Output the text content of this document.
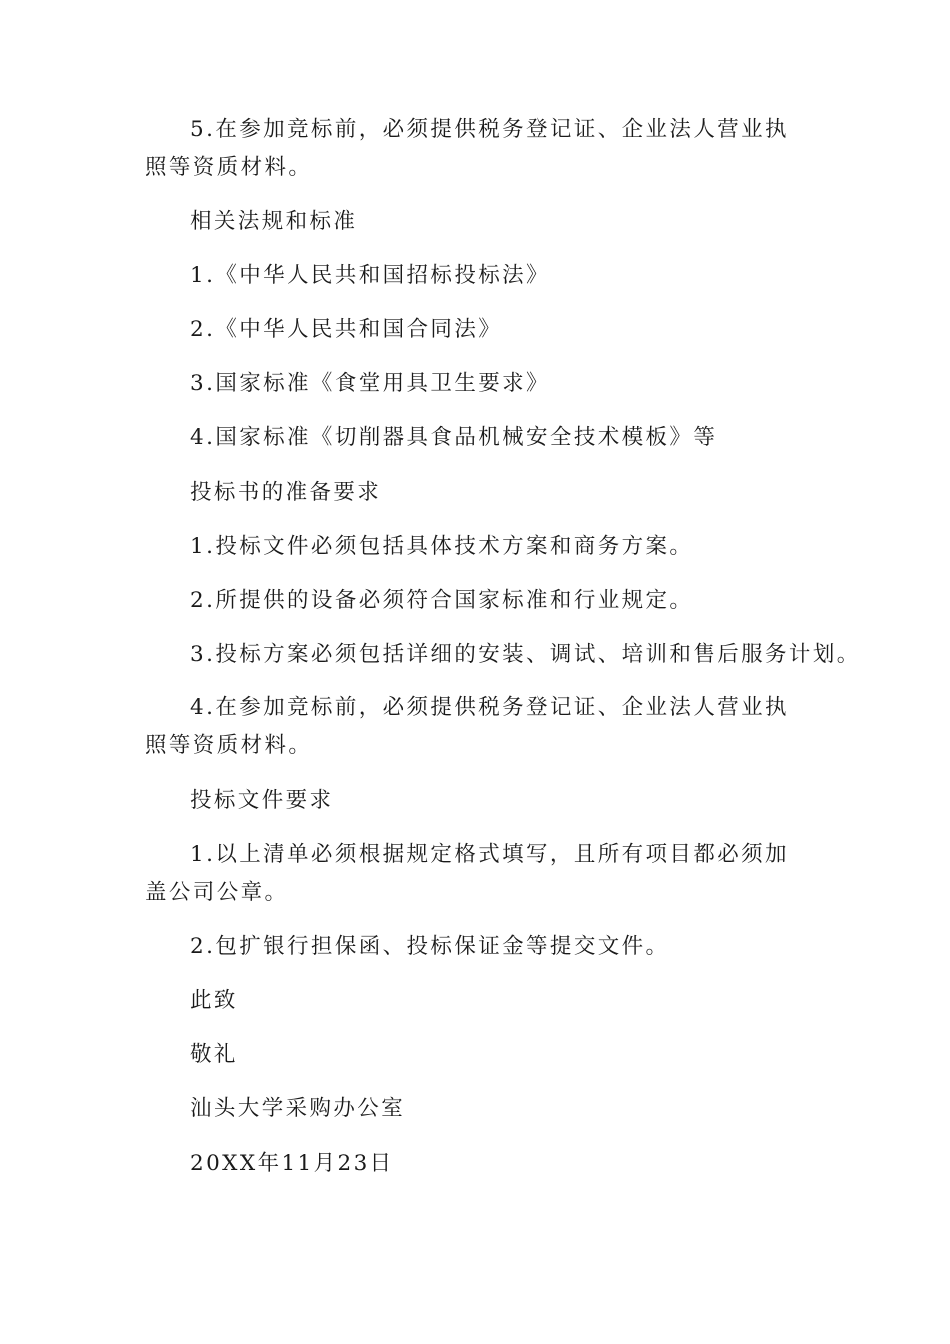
5.在参加竞标前，必须提供税务登记证、企业法人营业执照等资质材料。

相关法规和标准

1.《中华人民共和国招标投标法》

2.《中华人民共和国合同法》

3.国家标准《食堂用具卫生要求》

4.国家标准《切削器具食品机械安全技术模板》等

投标书的准备要求

1.投标文件必须包括具体技术方案和商务方案。

2.所提供的设备必须符合国家标准和行业规定。

3.投标方案必须包括详细的安装、调试、培训和售后服务计划。

4.在参加竞标前，必须提供税务登记证、企业法人营业执照等资质材料。

投标文件要求

1.以上清单必须根据规定格式填写，且所有项目都必须加盖公司公章。

2.包扩银行担保函、投标保证金等提交文件。

此致

敬礼

汕头大学采购办公室

20XX年11月23日
